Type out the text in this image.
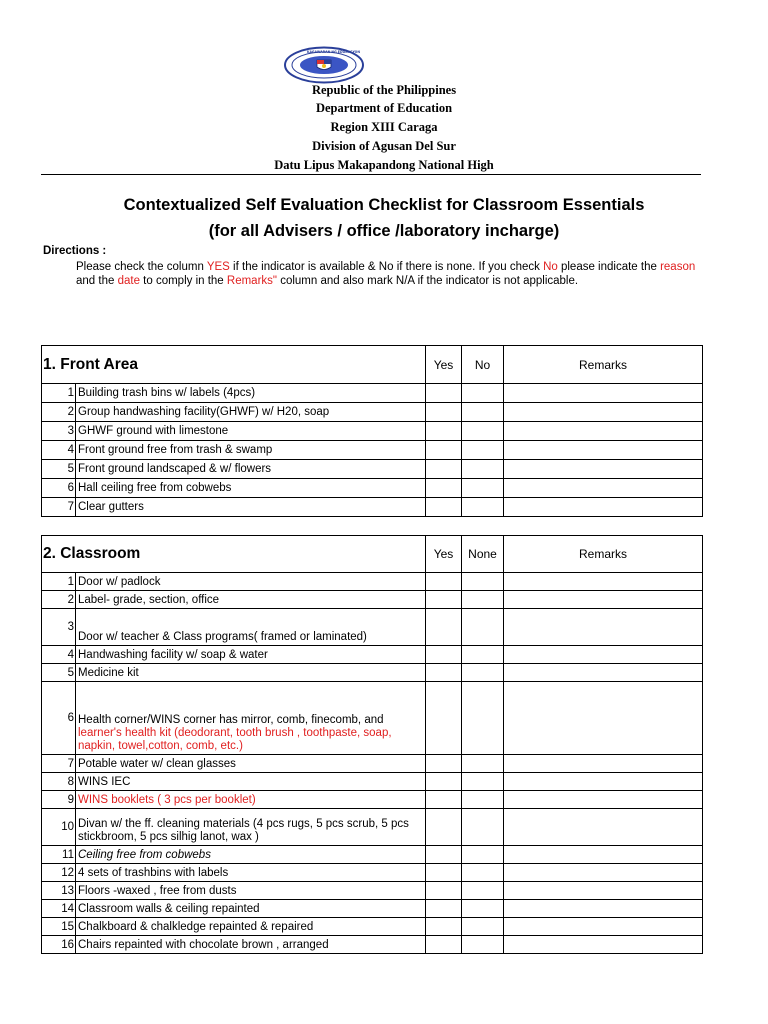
KAGAWARAN NG EDUKASYON
Republic of the Philippines
Department of Education
Region XIII Caraga
Division of Agusan Del Sur
Datu Lipus Makapandong National High
Contextualized Self Evaluation Checklist for Classroom Essentials
(for all Advisers / office /laboratory incharge)
Directions :
Please check the column YES if the indicator is available & No if there is none. If you check No please indicate the reason and the date to comply in the Remarks" column and also mark N/A if the indicator is not applicable.
1. Front Area		Yes	No	Remarks
1	Building trash bins w/ labels (4pcs)			
2	Group handwashing facility(GHWF) w/ H20, soap			
3	GHWF ground with limestone			
4	Front ground free from trash & swamp			
5	Front ground landscaped & w/ flowers			
6	Hall ceiling free from cobwebs			
7	Clear gutters			
2. Classroom		Yes	None	Remarks
1	Door w/ padlock			
2	Label- grade, section, office			
3	Door w/ teacher & Class programs( framed or laminated)			
4	Handwashing facility w/ soap & water			
5	Medicine kit			
6	Health corner/WINS corner has mirror, comb, finecomb, and learner's health kit (deodorant, tooth brush , toothpaste, soap, napkin, towel,cotton, comb, etc.)			
7	Potable water w/ clean glasses			
8	WINS IEC			
9	WINS booklets ( 3 pcs per booklet)			
10	Divan w/ the ff. cleaning materials (4 pcs rugs, 5 pcs scrub, 5 pcs stickbroom, 5 pcs silhig lanot, wax )			
11	Ceiling free from cobwebs			
12	4 sets of trashbins with labels			
13	Floors -waxed , free from dusts			
14	Classroom walls & ceiling repainted			
15	Chalkboard & chalkledge repainted & repaired			
16	Chairs repainted with chocolate brown , arranged			
